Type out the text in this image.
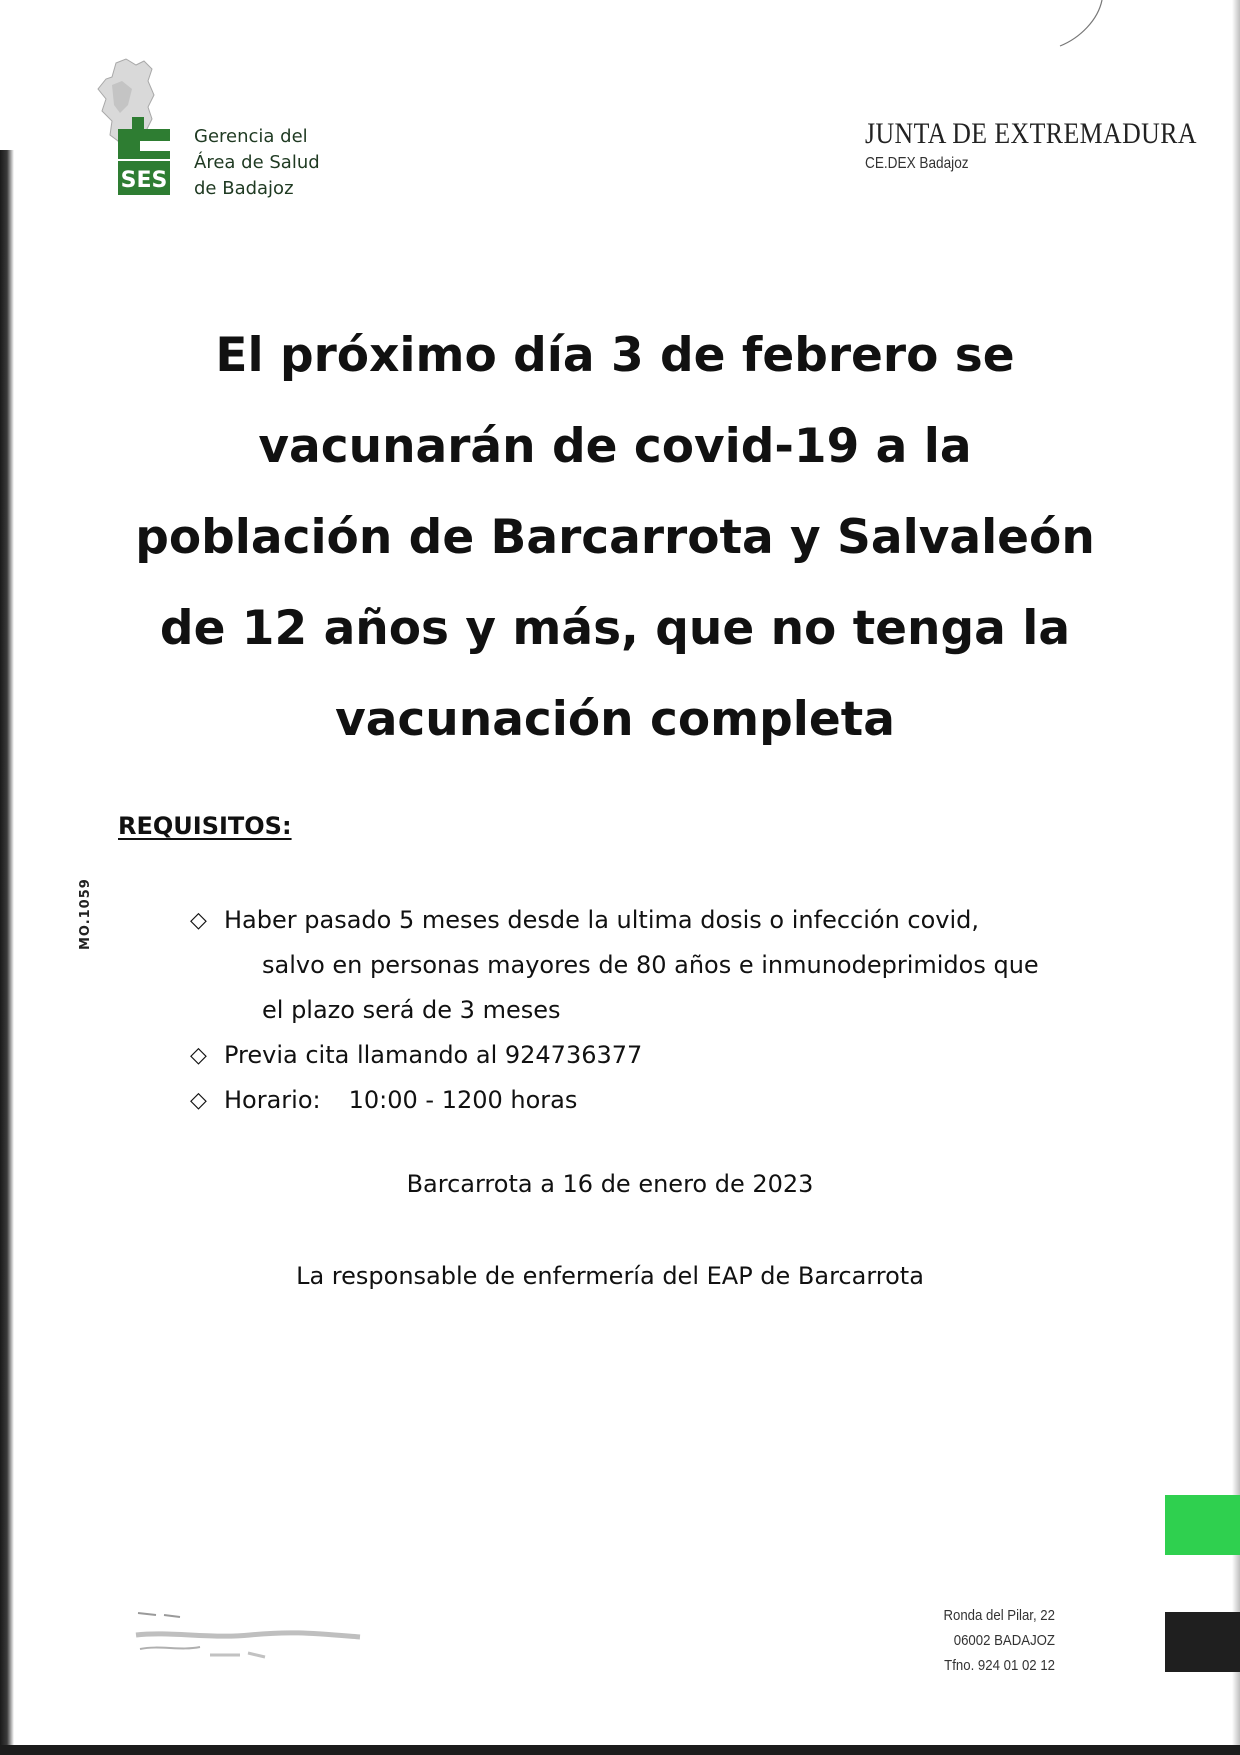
SES
Gerencia del
Área de Salud
de Badajoz
JUNTA DE EXTREMADURA
CE.DEX Badajoz
El próximo día 3 de febrero se
vacunarán de covid-19 a la
población de Barcarrota y Salvaleón
de 12 años y más, que no tenga la
vacunación completa
MO.1059
REQUISITOS:
◇ Haber pasado 5 meses desde la ultima dosis o infección covid,
salvo en personas mayores de 80 años e inmunodeprimidos que
el plazo será de 3 meses
◇ Previa cita llamando al 924736377
◇ Horario: 10:00 - 1200 horas
Barcarrota a 16 de enero de 2023
La responsable de enfermería del EAP de Barcarrota
Ronda del Pilar, 22
06002 BADAJOZ
Tfno. 924 01 02 12
